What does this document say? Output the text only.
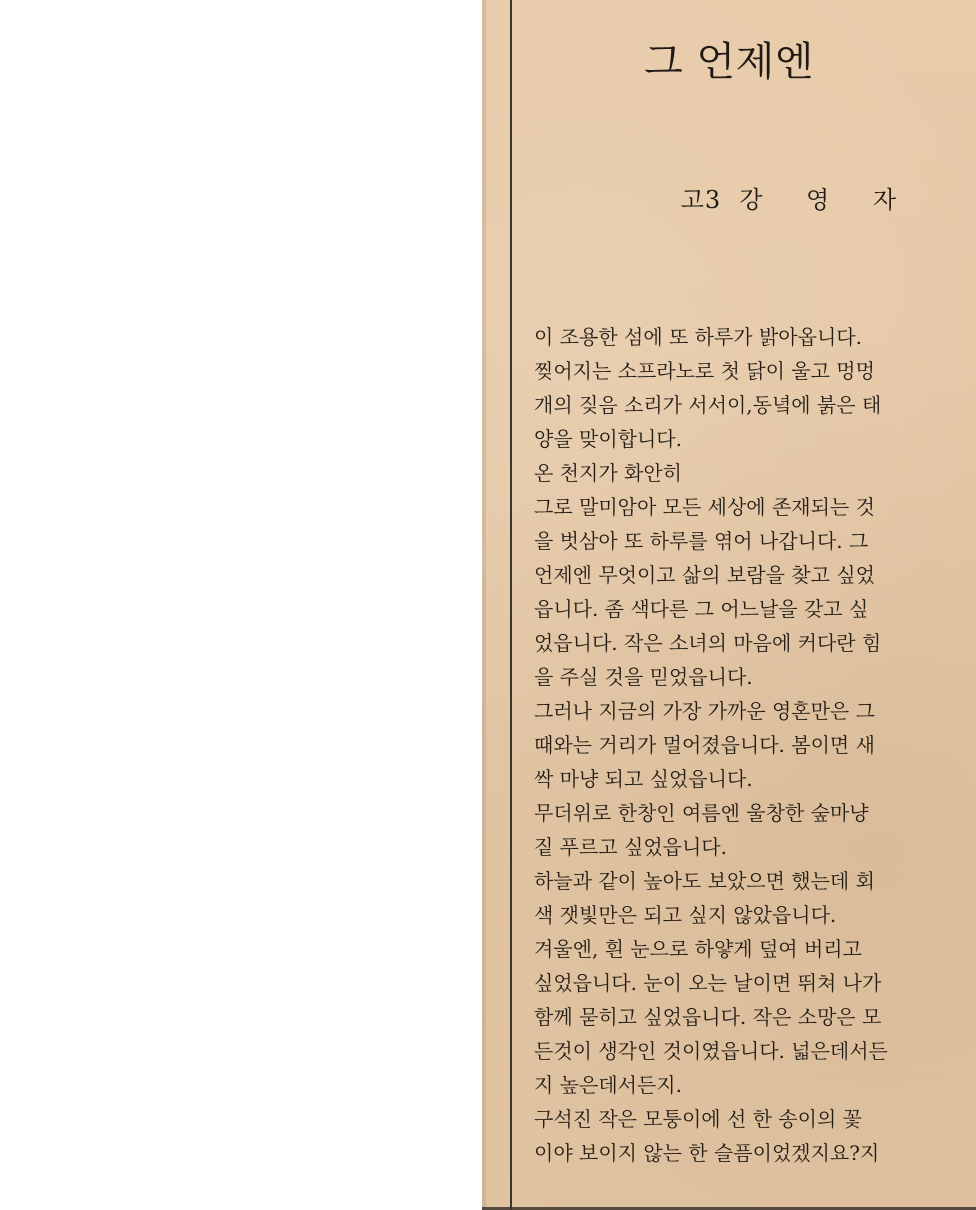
그 언제엔
고3 강 영 자
이 조용한 섬에 또 하루가 밝아옵니다.
찢어지는 소프라노로 첫 닭이 울고 멍멍
개의 짖음 소리가 서서이,동녘에 붉은 태
양을 맞이합니다.
온 천지가 화안히
그로 말미암아 모든 세상에 존재되는 것
을 벗삼아 또 하루를 엮어 나갑니다. 그
언제엔 무엇이고 삶의 보람을 찾고 싶었
읍니다. 좀 색다른 그 어느날을 갖고 싶
었읍니다. 작은 소녀의 마음에 커다란 힘
을 주실 것을 믿었읍니다.
그러나 지금의 가장 가까운 영혼만은 그
때와는 거리가 멀어졌읍니다. 봄이면 새
싹 마냥 되고 싶었읍니다.
무더위로 한창인 여름엔 울창한 숲마냥
짙 푸르고 싶었읍니다.
하늘과 같이 높아도 보았으면 했는데 회
색 잿빛만은 되고 싶지 않았읍니다.
겨울엔, 흰 눈으로 하얗게 덮여 버리고
싶었읍니다. 눈이 오는 날이면 뛰쳐 나가
함께 묻히고 싶었읍니다. 작은 소망은 모
든것이 생각인 것이였읍니다. 넓은데서든
지 높은데서든지.
구석진 작은 모퉁이에 선 한 송이의 꽃
이야 보이지 않는 한 슬픔이었겠지요?지
